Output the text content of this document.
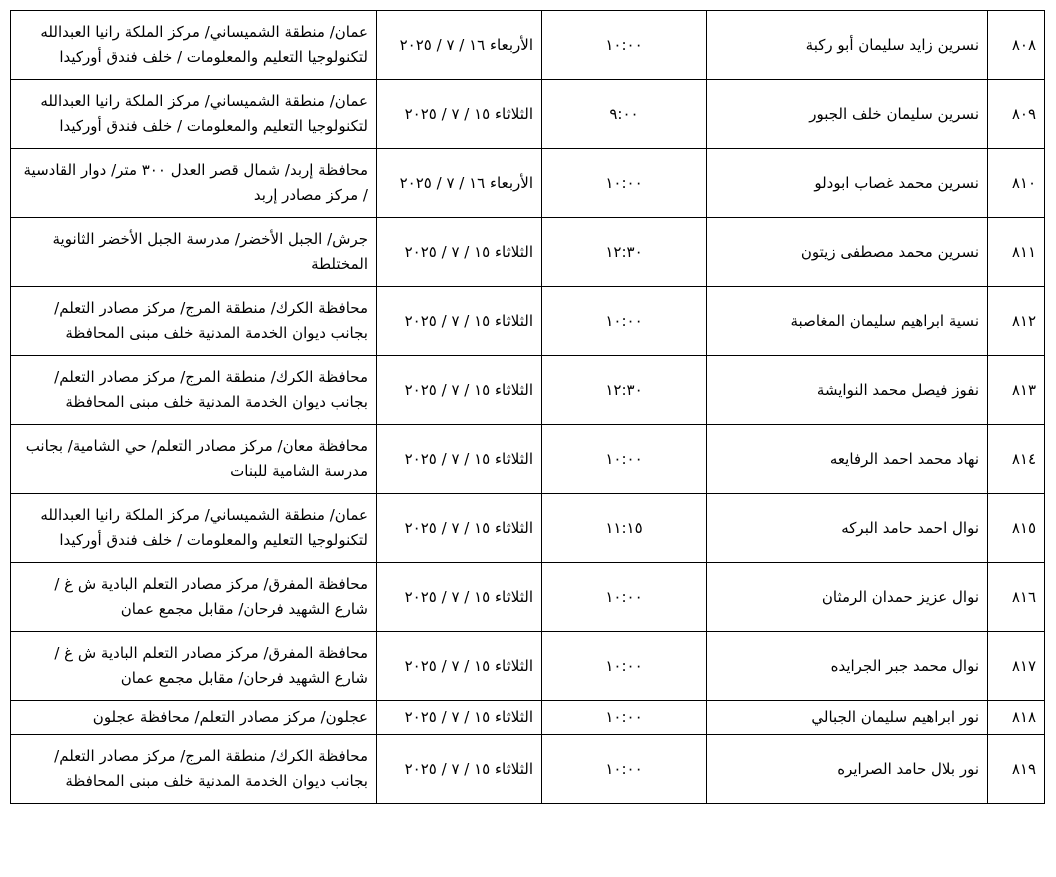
٨٠٨	نسرين زايد سليمان أبو ركبة	١٠:٠٠	الأربعاء ١٦ / ٧ / ٢٠٢٥	عمان/ منطقة الشميساني/ مركز الملكة رانيا العبدالله لتكنولوجيا التعليم والمعلومات / خلف فندق أوركيدا
٨٠٩	نسرين سليمان خلف الجبور	٩:٠٠	الثلاثاء ١٥ / ٧ / ٢٠٢٥	عمان/ منطقة الشميساني/ مركز الملكة رانيا العبدالله لتكنولوجيا التعليم والمعلومات / خلف فندق أوركيدا
٨١٠	نسرين محمد غصاب ابودلو	١٠:٠٠	الأربعاء ١٦ / ٧ / ٢٠٢٥	محافظة إربد/ شمال قصر العدل ٣٠٠ متر/ دوار القادسية / مركز مصادر إربد
٨١١	نسرين محمد مصطفى زيتون	١٢:٣٠	الثلاثاء ١٥ / ٧ / ٢٠٢٥	جرش/ الجبل الأخضر/ مدرسة الجبل الأخضر الثانوية المختلطة
٨١٢	نسية ابراهيم سليمان المغاصبة	١٠:٠٠	الثلاثاء ١٥ / ٧ / ٢٠٢٥	محافظة الكرك/ منطقة المرج/ مركز مصادر التعلم/ بجانب ديوان الخدمة المدنية خلف مبنى المحافظة
٨١٣	نفوز فيصل محمد النوايشة	١٢:٣٠	الثلاثاء ١٥ / ٧ / ٢٠٢٥	محافظة الكرك/ منطقة المرج/ مركز مصادر التعلم/ بجانب ديوان الخدمة المدنية خلف مبنى المحافظة
٨١٤	نهاد محمد احمد الرفايعه	١٠:٠٠	الثلاثاء ١٥ / ٧ / ٢٠٢٥	محافظة معان/ مركز مصادر التعلم/ حي الشامية/ بجانب مدرسة الشامية للبنات
٨١٥	نوال احمد حامد البركه	١١:١٥	الثلاثاء ١٥ / ٧ / ٢٠٢٥	عمان/ منطقة الشميساني/ مركز الملكة رانيا العبدالله لتكنولوجيا التعليم والمعلومات / خلف فندق أوركيدا
٨١٦	نوال عزيز حمدان الرمثان	١٠:٠٠	الثلاثاء ١٥ / ٧ / ٢٠٢٥	محافظة المفرق/ مركز مصادر التعلم البادية ش غ / شارع الشهيد فرحان/ مقابل مجمع عمان
٨١٧	نوال محمد جبر الجرايده	١٠:٠٠	الثلاثاء ١٥ / ٧ / ٢٠٢٥	محافظة المفرق/ مركز مصادر التعلم البادية ش غ / شارع الشهيد فرحان/ مقابل مجمع عمان
٨١٨	نور ابراهيم سليمان الجبالي	١٠:٠٠	الثلاثاء ١٥ / ٧ / ٢٠٢٥	عجلون/ مركز مصادر التعلم/ محافظة عجلون
٨١٩	نور بلال حامد الصرايره	١٠:٠٠	الثلاثاء ١٥ / ٧ / ٢٠٢٥	محافظة الكرك/ منطقة المرج/ مركز مصادر التعلم/ بجانب ديوان الخدمة المدنية خلف مبنى المحافظة
